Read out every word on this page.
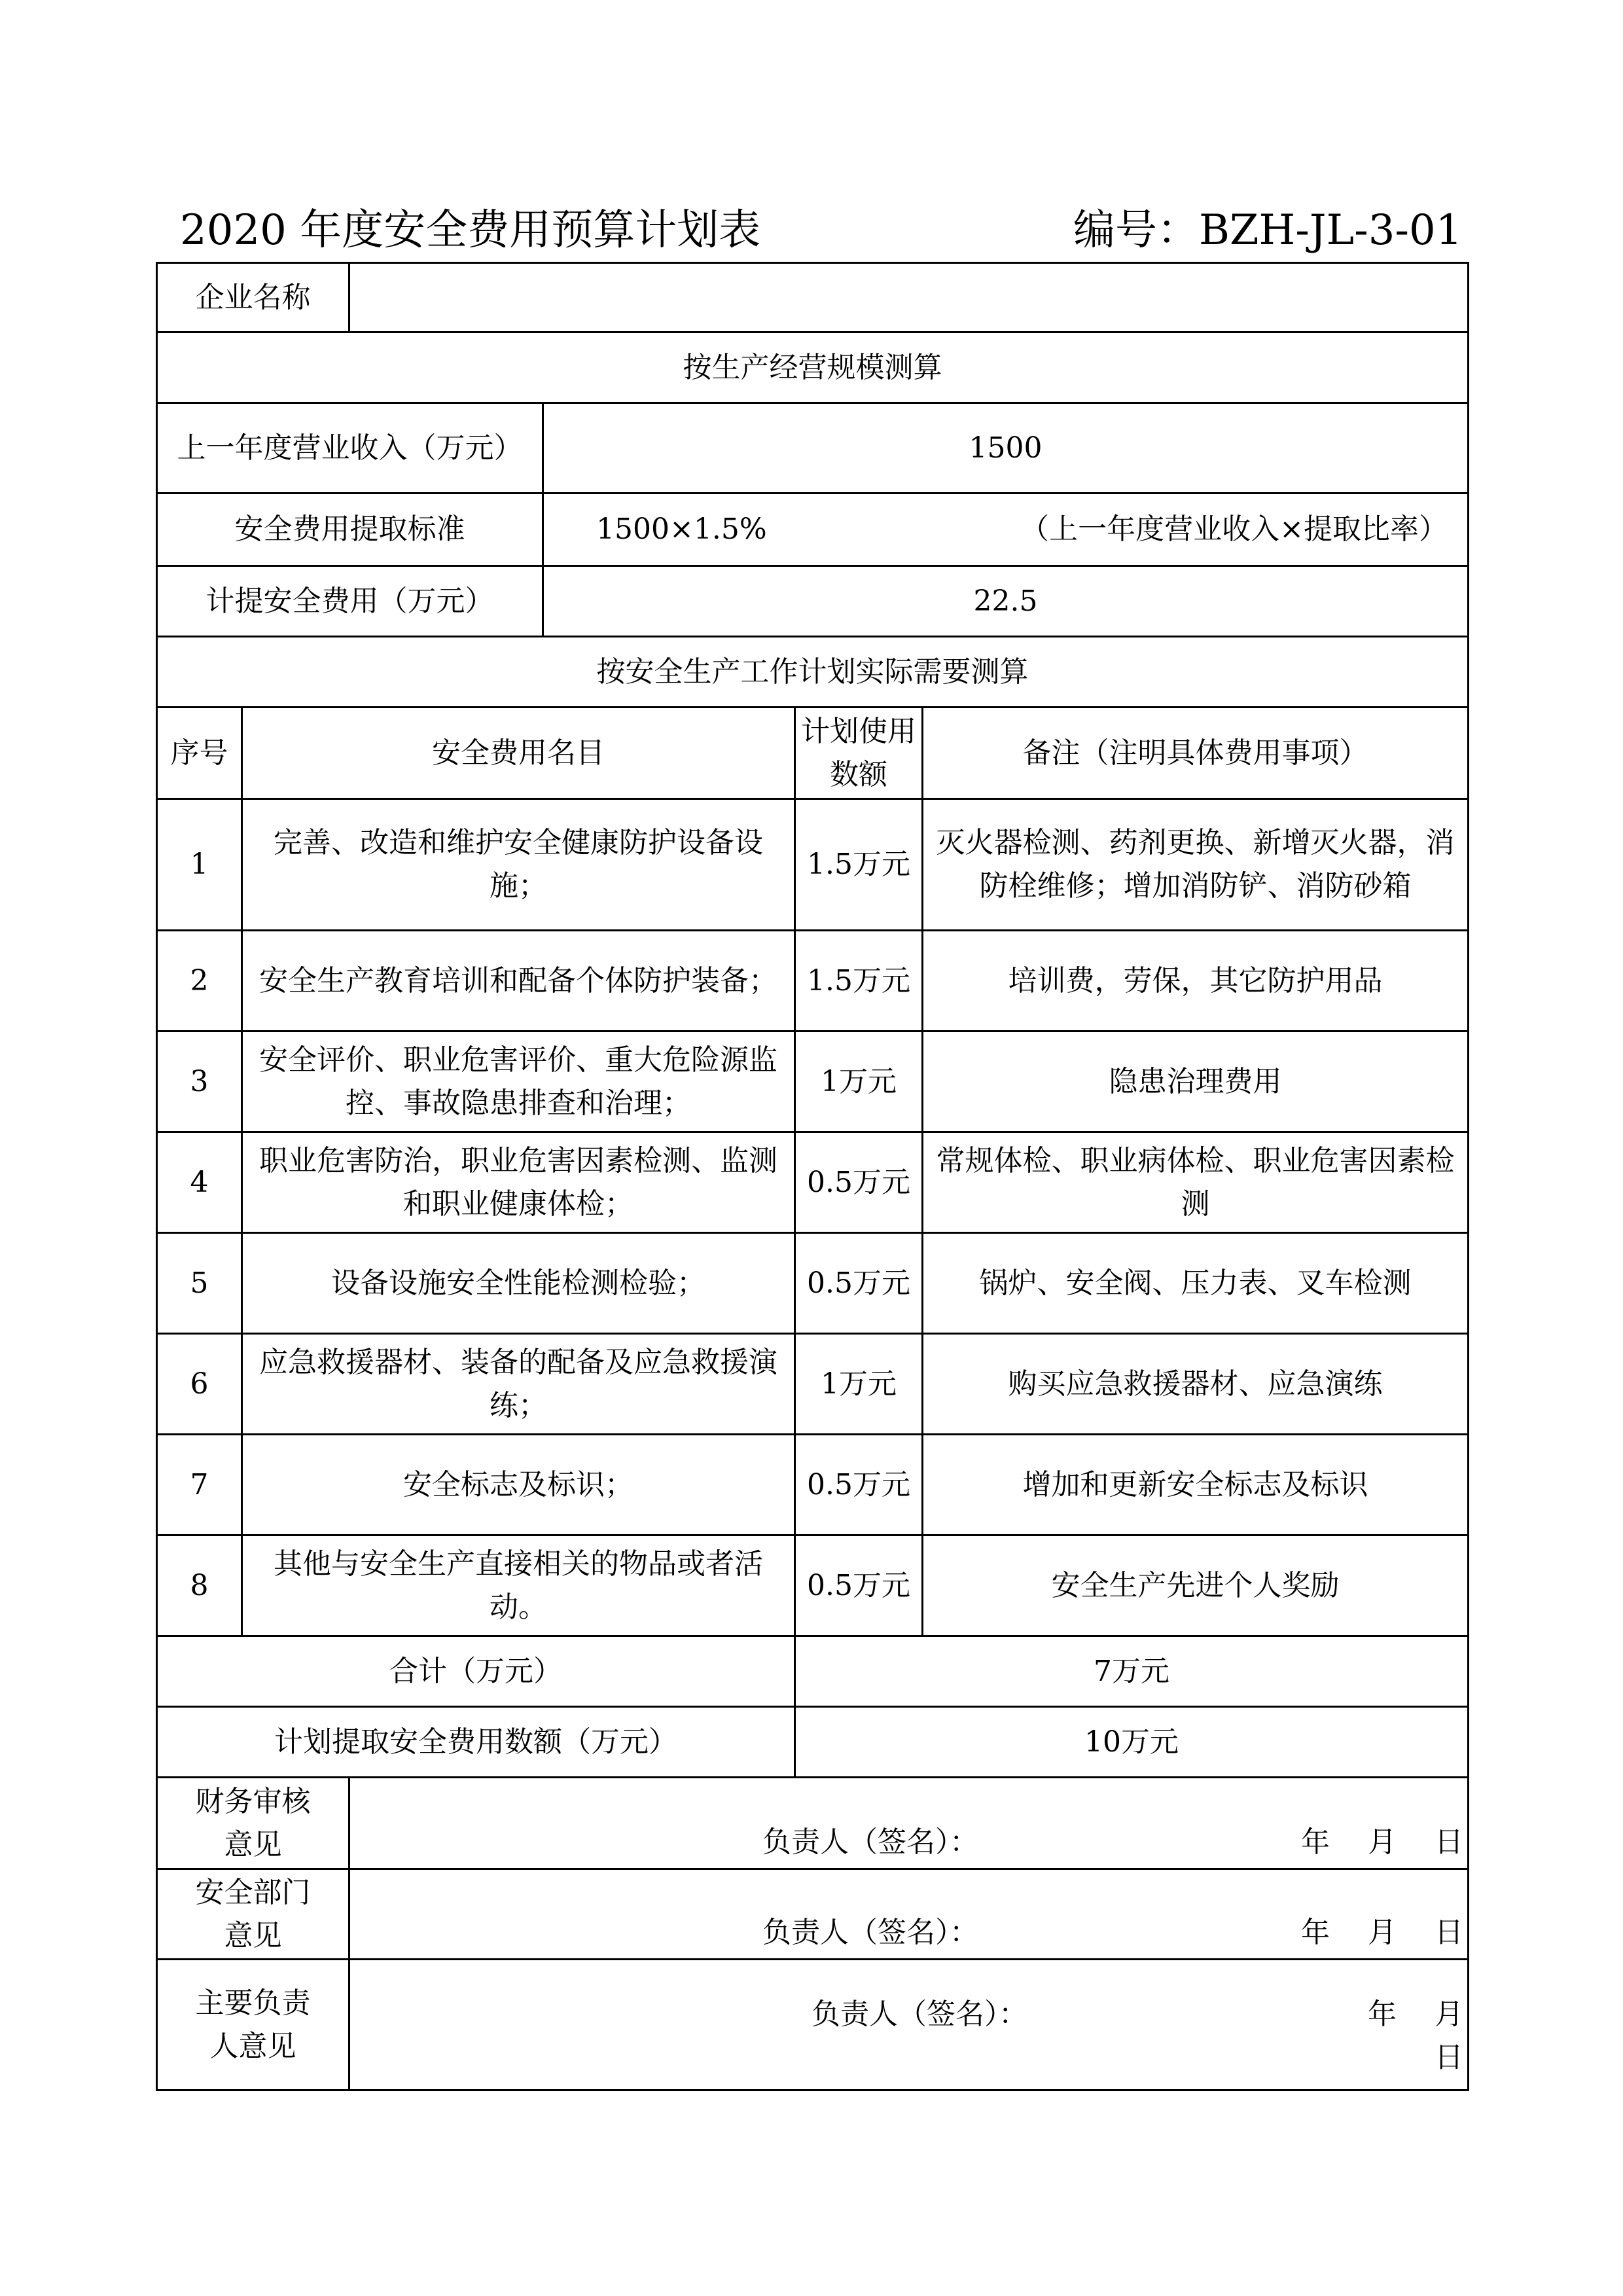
2020 年度安全费用预算计划表	编号：BZH-JL-3-01
企业名称					
按生产经营规模测算					
上一年度营业收入（万元）			1500		
安全费用提取标准			1500×1.5% （上一年度营业收入×提取比率）		

计提安全费用（万元）			22.5		
按安全生产工作计划实际需要测算					
序号	安全费用名目			计划使用数额	备注（注明具体费用事项）
1	完善、改造和维护安全健康防护设备设施；			1.5万元	灭火器检测、药剂更换、新增灭火器，消防栓维修；增加消防铲、消防砂箱
2	安全生产教育培训和配备个体防护装备；			1.5万元	培训费，劳保，其它防护用品
3	安全评价、职业危害评价、重大危险源监控、事故隐患排查和治理；			1万元	隐患治理费用
4	职业危害防治，职业危害因素检测、监测和职业健康体检；			0.5万元	常规体检、职业病体检、职业危害因素检测
5	设备设施安全性能检测检验；			0.5万元	锅炉、安全阀、压力表、叉车检测
6	应急救援器材、装备的配备及应急救援演练；			1万元	购买应急救援器材、应急演练
7	安全标志及标识；			0.5万元	增加和更新安全标志及标识
8	其他与安全生产直接相关的物品或者活动。			0.5万元	安全生产先进个人奖励
合计（万元）				7万元	
计划提取安全费用数额（万元）				10万元	
财务审核意见		负责人（签名）： 年  月  日			

安全部门意见		负责人（签名）： 年  月  日			

主要负责人意见		负责人（签名）： 年  月
日			
